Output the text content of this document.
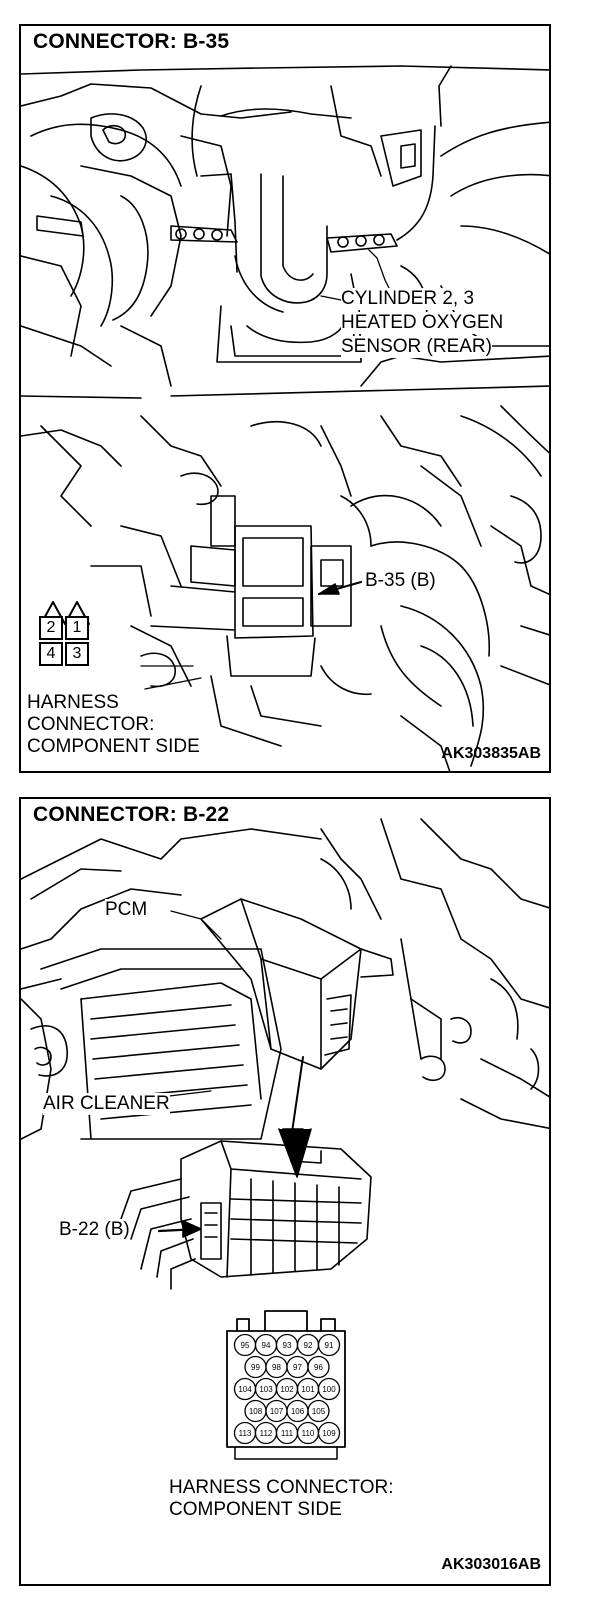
CONNECTOR: B-35
CYLINDER 2, 3
HEATED OXYGEN
SENSOR (REAR)
B-35 (B)
2	1
4	3
HARNESS
CONNECTOR:
COMPONENT SIDE	AK303835AB
CONNECTOR: B-22
PCM
AIR CLEANER
B-22 (B)
95 94 93 92 91
99 98 97 96
104 103 102 101 100
108 107 106 105
113 112 111 110 109
HARNESS CONNECTOR:
COMPONENT SIDE
AK303016AB
